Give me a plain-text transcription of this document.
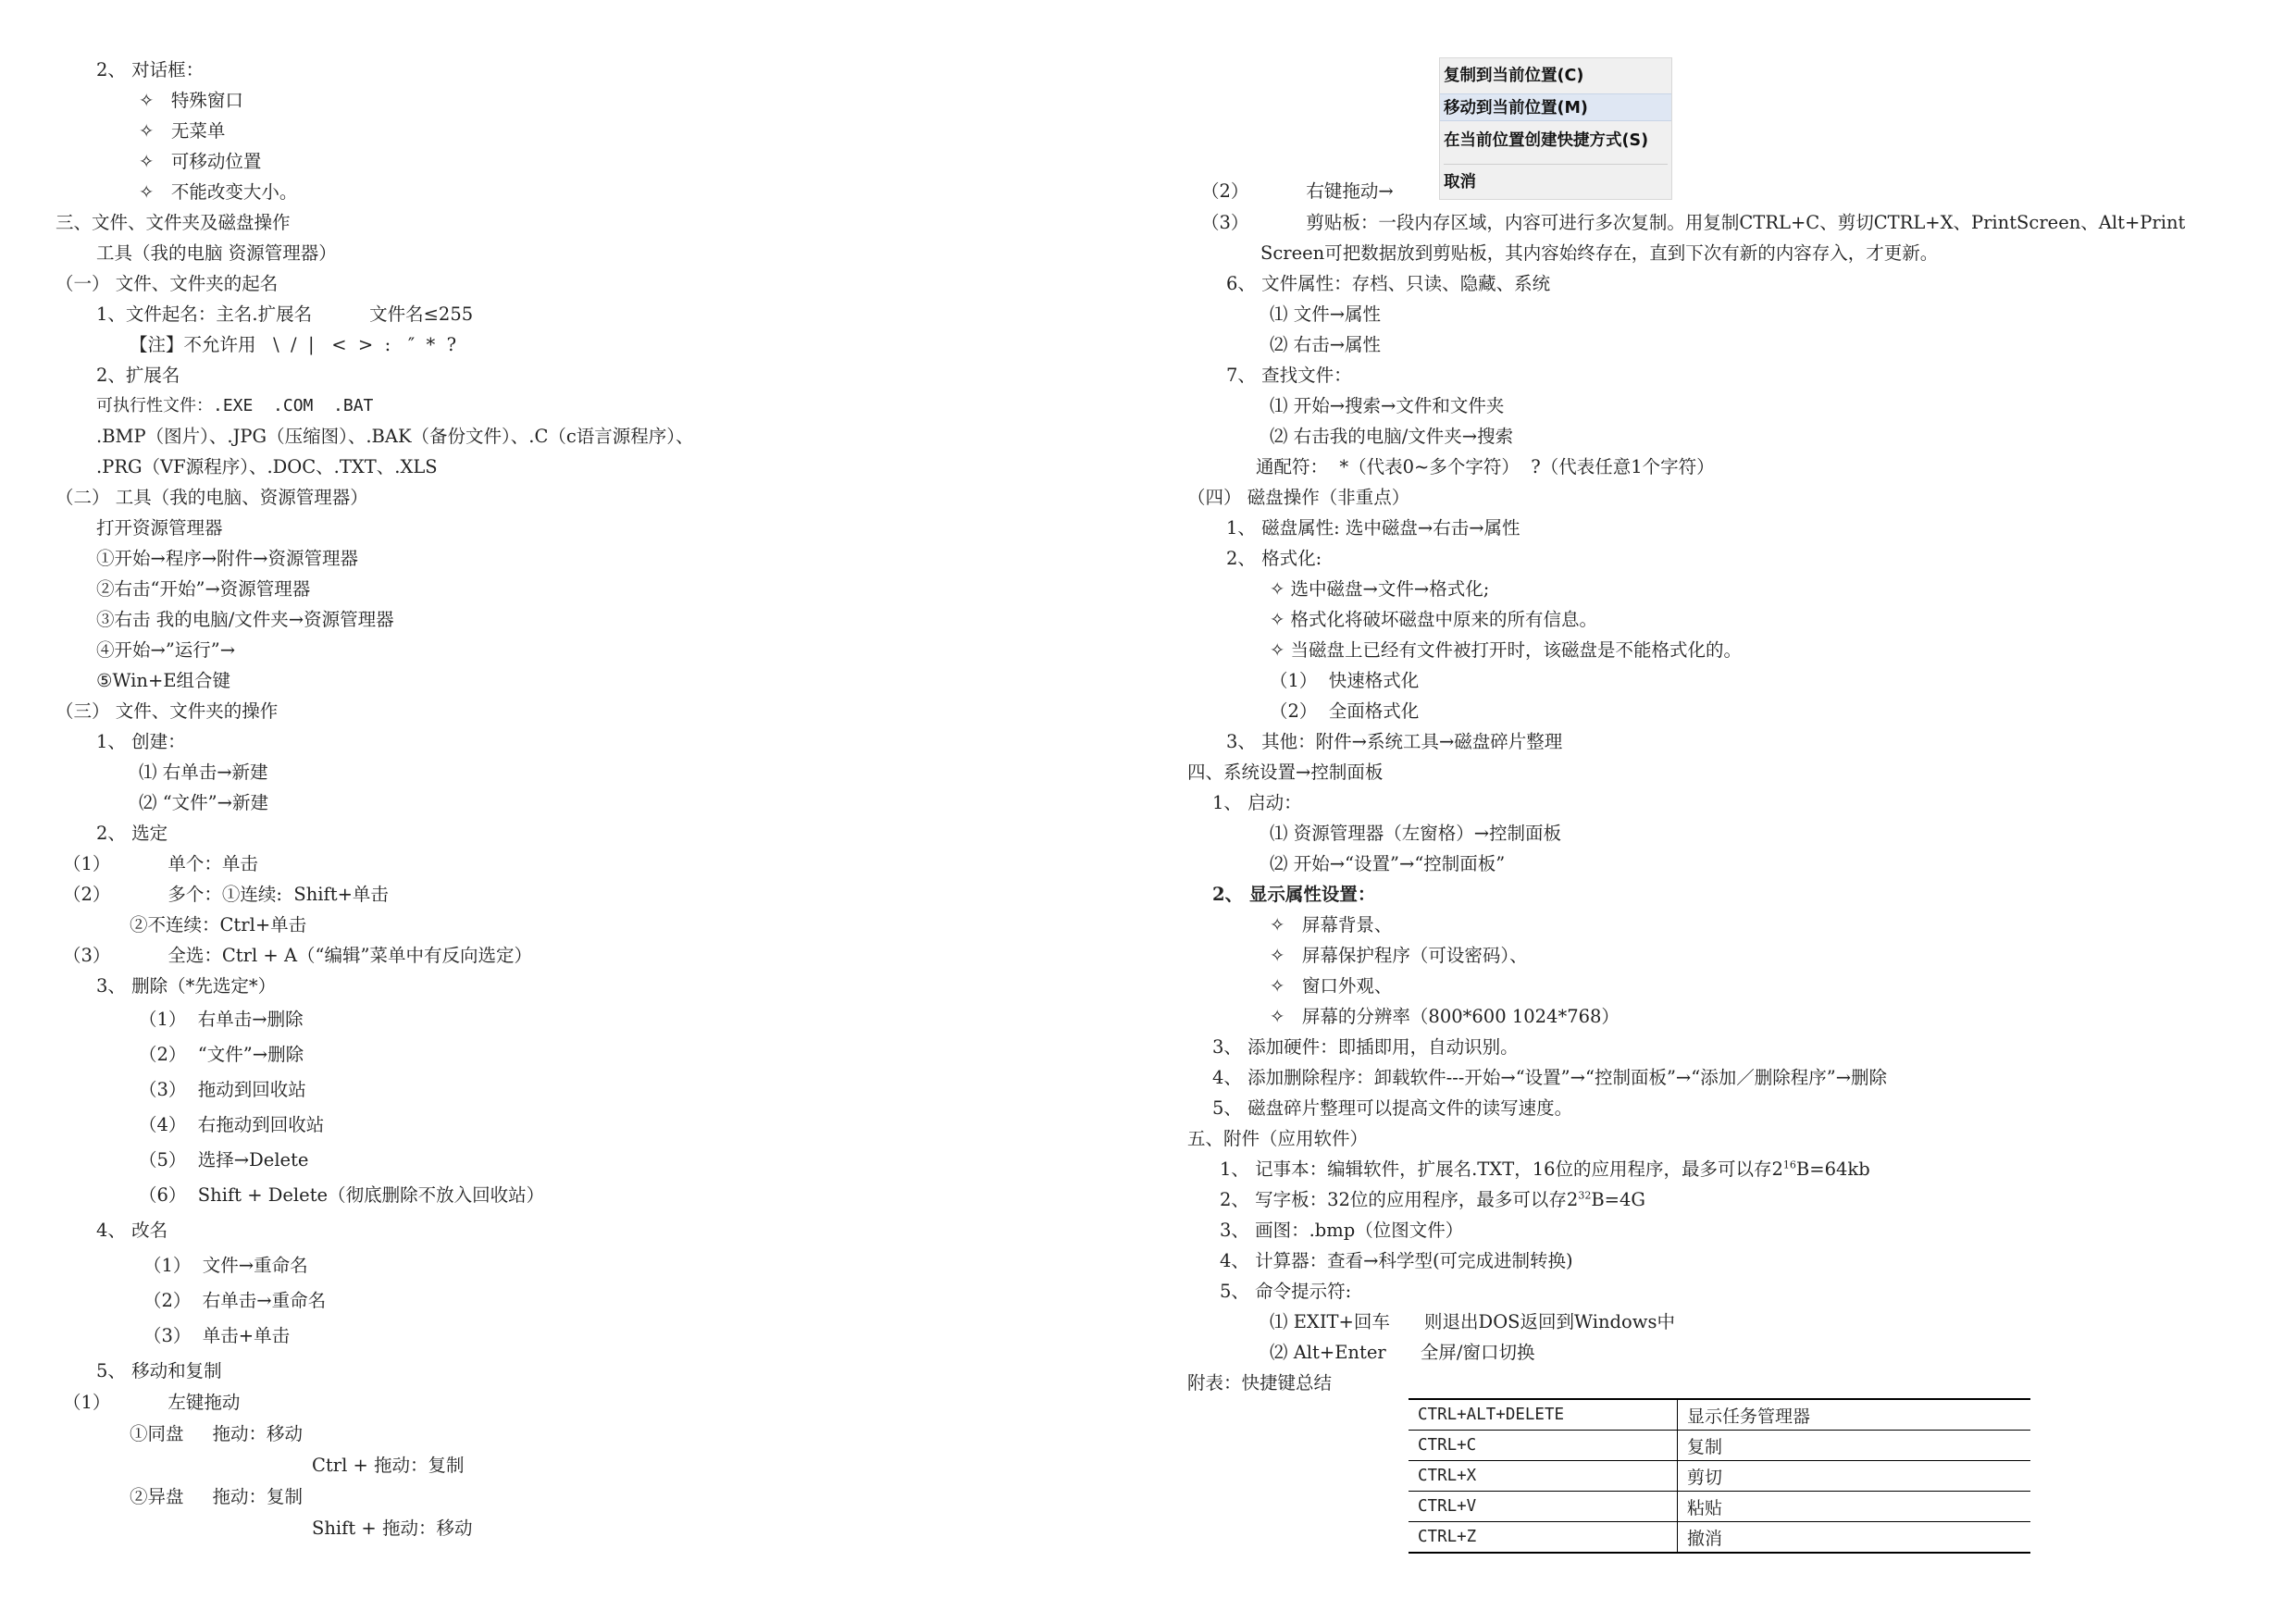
2、 对话框：
✧   特殊窗口
✧   无菜单
✧   可移动位置
✧   不能改变大小。
三、文件、文件夹及磁盘操作
工具（我的电脑 资源管理器）
（一） 文件、文件夹的起名
1、文件起名：主名.扩展名          文件名≤255
【注】不允许用   \  /  |   <  >  :   ″  *  ?
2、扩展名
可执行性文件：.EXE  .COM  .BAT
.BMP（图片）、.JPG（压缩图）、.BAK（备份文件）、.C（c语言源程序）、
.PRG（VF源程序）、.DOC、.TXT、.XLS
（二） 工具（我的电脑、资源管理器）
打开资源管理器
①开始→程序→附件→资源管理器
②右击“开始”→资源管理器
③右击 我的电脑/文件夹→资源管理器
④开始→”运行”→
⑤Win+E组合键
（三） 文件、文件夹的操作
1、 创建：
⑴ 右单击→新建
⑵ “文件”→新建
2、 选定
（1）          单个：单击
（2）          多个：①连续:  Shift+单击
②不连续：Ctrl+单击
（3）          全选：Ctrl + A（“编辑”菜单中有反向选定）
3、 删除（*先选定*）
（1）  右单击→删除
（2）  “文件”→删除
（3）  拖动到回收站
（4）  右拖动到回收站
（5）  选择→Delete
（6）  Shift + Delete（彻底删除不放入回收站）
4、 改名
（1）  文件→重命名
（2）  右单击→重命名
（3）  单击+单击
5、 移动和复制
（1）          左键拖动
①同盘     拖动：移动
Ctrl + 拖动：复制
②异盘     拖动：复制
Shift + 拖动：移动
复制到当前位置(C)
移动到当前位置(M)
在当前位置创建快捷方式(S)
取消
（2）          右键拖动→
（3）          剪贴板：一段内存区域，内容可进行多次复制。用复制CTRL+C、剪切CTRL+X、PrintScreen、Alt+Print
Screen可把数据放到剪贴板，其内容始终存在，直到下次有新的内容存入，才更新。
6、 文件属性：存档、只读、隐藏、系统
⑴ 文件→属性
⑵ 右击→属性
7、 查找文件：
⑴ 开始→搜索→文件和文件夹
⑵ 右击我的电脑/文件夹→搜索
通配符：  *（代表0~多个字符）  ?（代表任意1个字符）
（四） 磁盘操作（非重点）
1、 磁盘属性: 选中磁盘→右击→属性
2、 格式化:
✧ 选中磁盘→文件→格式化;
✧ 格式化将破坏磁盘中原来的所有信息。
✧ 当磁盘上已经有文件被打开时，该磁盘是不能格式化的。
（1）  快速格式化
（2）  全面格式化
3、 其他：附件→系统工具→磁盘碎片整理
四、系统设置→控制面板
1、 启动：
⑴ 资源管理器（左窗格）→控制面板
⑵ 开始→“设置”→“控制面板”
2、 显示属性设置：
✧   屏幕背景、
✧   屏幕保护程序（可设密码）、
✧   窗口外观、
✧   屏幕的分辨率（800*600 1024*768）
3、 添加硬件：即插即用，自动识别。
4、 添加删除程序：卸载软件---开始→“设置”→“控制面板”→“添加／删除程序”→删除
5、 磁盘碎片整理可以提高文件的读写速度。
五、附件（应用软件）
1、 记事本：编辑软件，扩展名.TXT，16位的应用程序，最多可以存$2^{16}B=64kb$
2、 写字板：32位的应用程序，最多可以存$2^{32}B=4G$
3、 画图：.bmp（位图文件）
4、 计算器：查看→科学型(可完成进制转换)
5、 命令提示符:
⑴ EXIT+回车      则退出DOS返回到Windows中
⑵ Alt+Enter      全屏/窗口切换
附表：快捷键总结
CTRL+ALT+DELETE	显示任务管理器
CTRL+C	复制
CTRL+X	剪切
CTRL+V	粘贴
CTRL+Z	撤消
